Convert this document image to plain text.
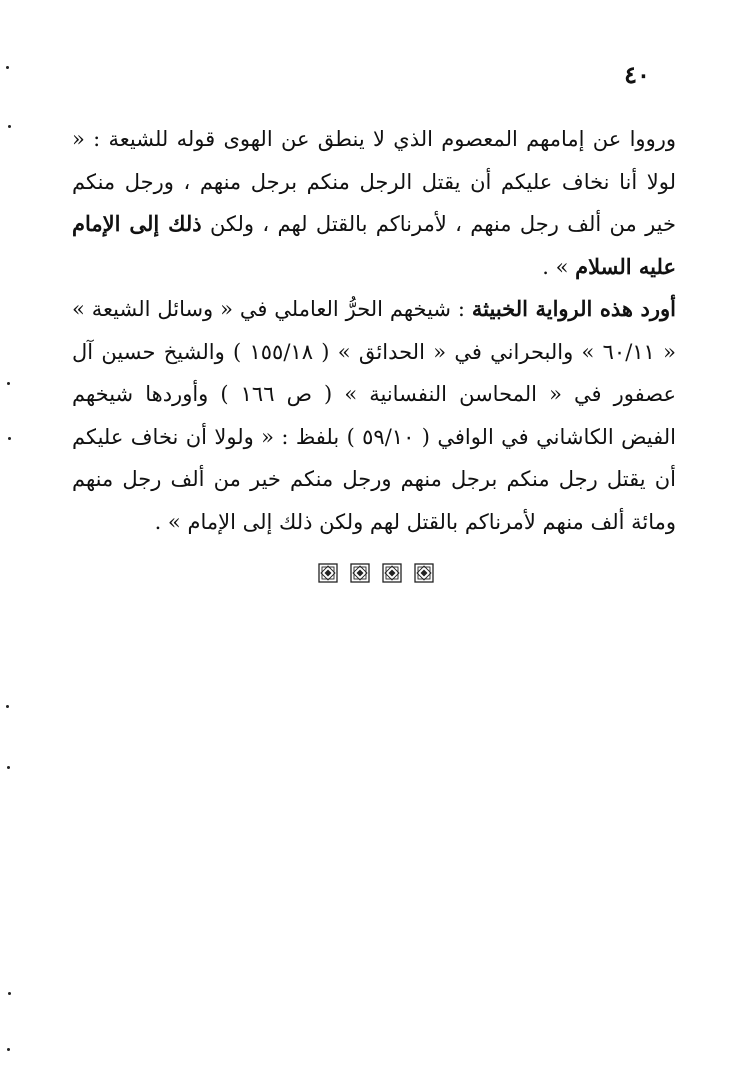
٤٠

ورووا عن إمامهم المعصوم الذي لا ينطق عن الهوى قوله للشيعة : « لولا أنا نخاف عليكم أن يقتل الرجل منكم برجل منهم ، ورجل منكم خير من ألف رجل منهم ، لأمرناكم بالقتل لهم ، ولكن ذلك إلى الإمام عليه السلام » .

أورد هذه الرواية الخبيثة : شيخهم الحرُّ العاملي في « وسائل الشيعة » « ٦٠/١١ » والبحراني في « الحدائق » ( ١٥٥/١٨ ) والشيخ حسين آل عصفور في « المحاسن النفسانية » ( ص ١٦٦ ) وأوردها شيخهم الفيض الكاشاني في الوافي ( ٥٩/١٠ ) بلفظ : « ولولا أن نخاف عليكم أن يقتل رجل منكم برجل منهم ورجل منكم خير من ألف رجل منهم ومائة ألف منهم لأمرناكم بالقتل لهم ولكن ذلك إلى الإمام » .
